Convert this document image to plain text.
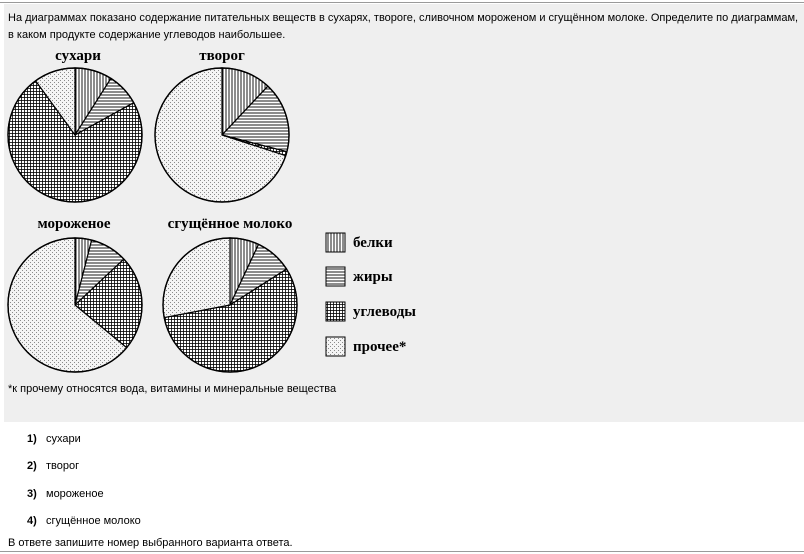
На диаграммах показано содержание питательных веществ в сухарях, твороге, сливочном мороженом и сгущённом молоке. Определите по диаграммам, в каком продукте содержание углеводов наибольшее.
сухари	творог
мороженое	сгущённое молоко
белки
жиры
углеводы
прочее*
*к прочему относятся вода, витамины и минеральные вещества
1) сухари
2) творог
3) мороженое
4) сгущённое молоко
В ответе запишите номер выбранного варианта ответа.
